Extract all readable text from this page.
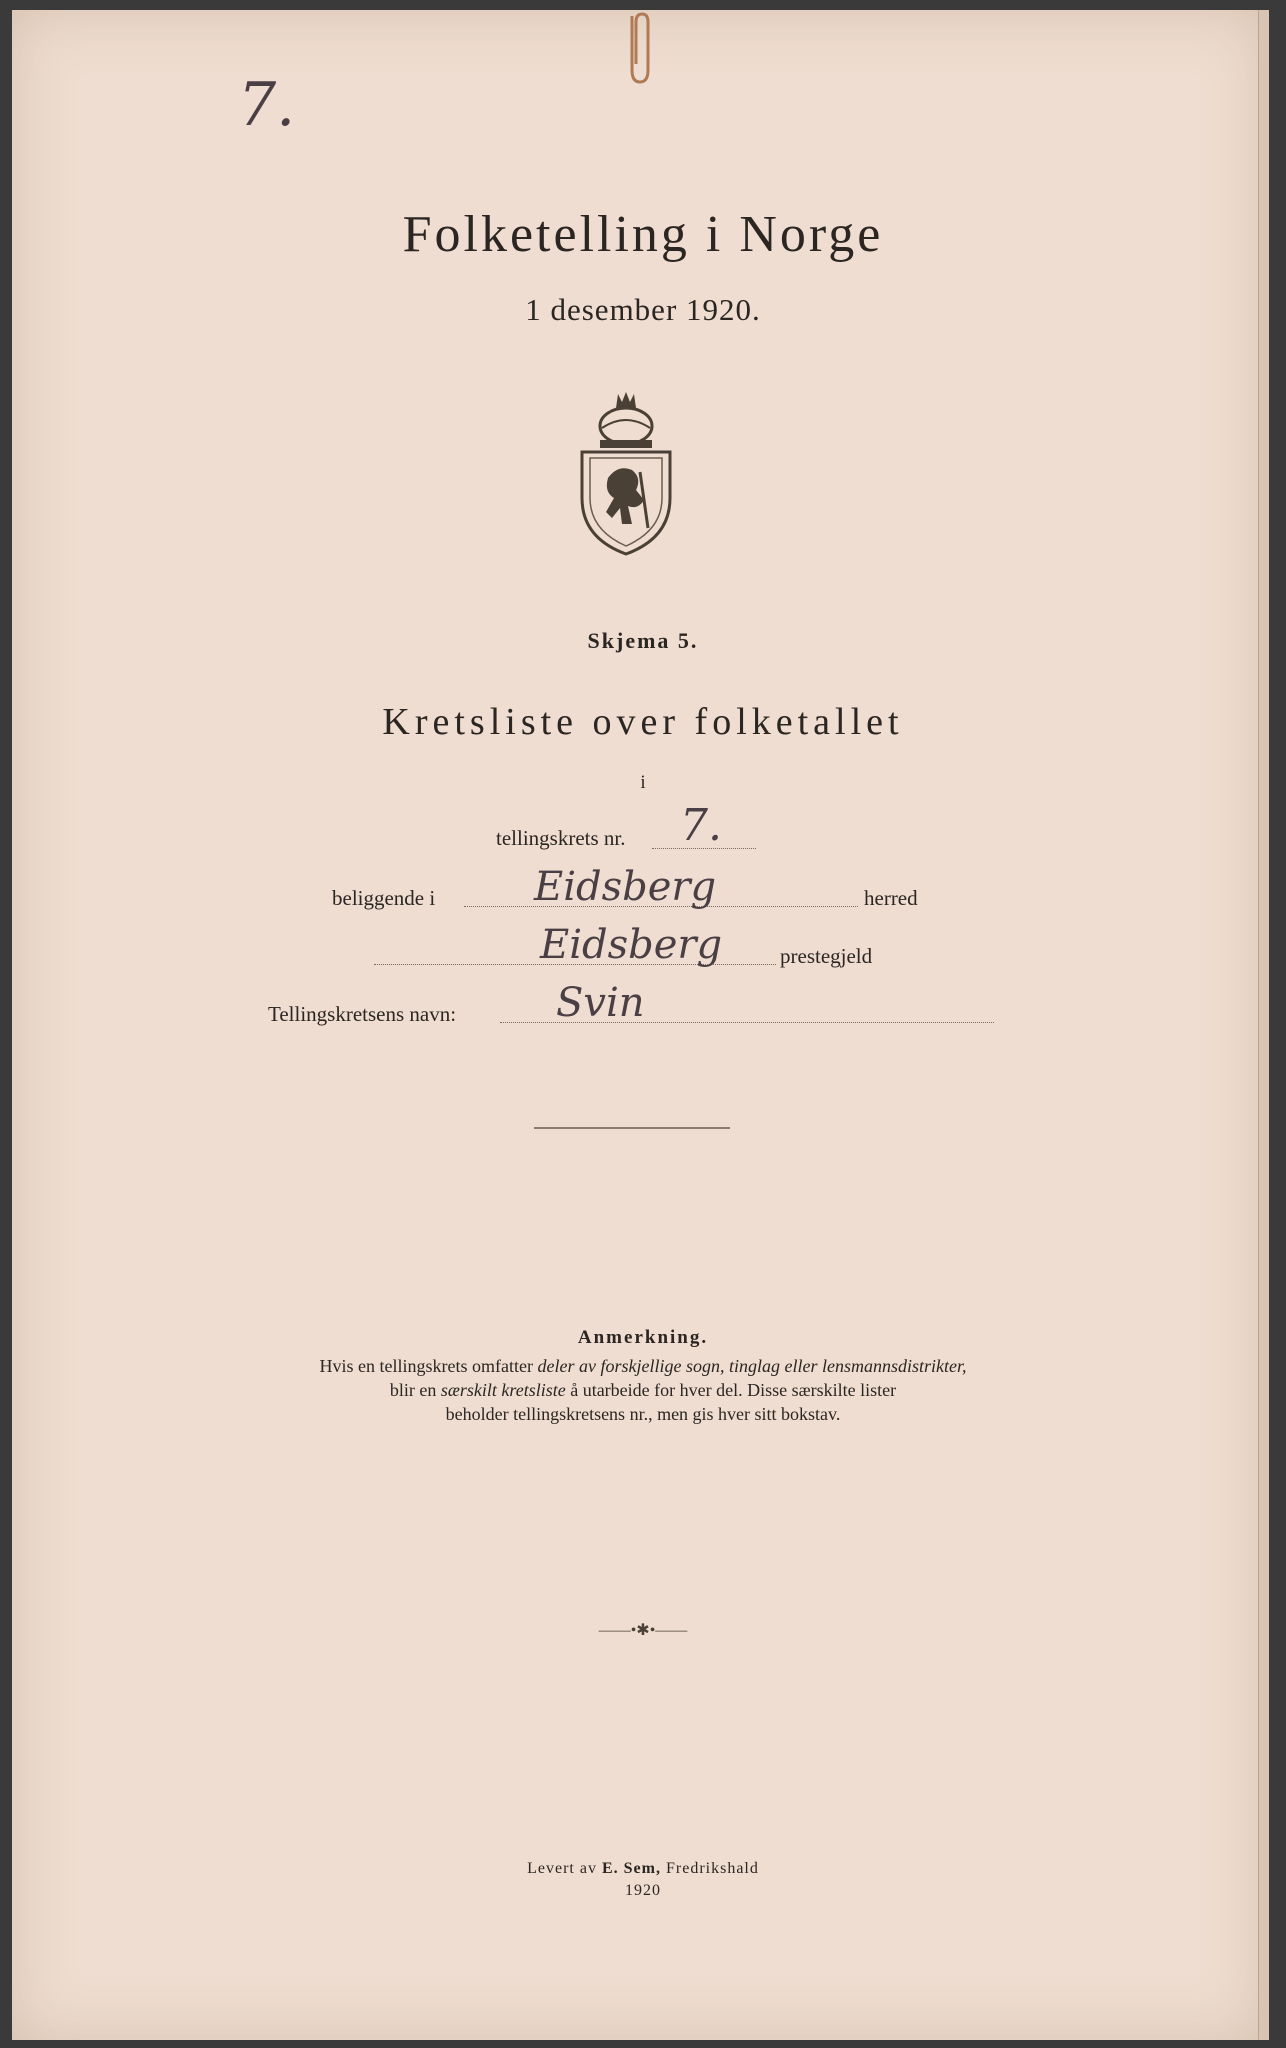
7.
Folketelling i Norge
1 desember 1920.
Skjema 5.
Kretsliste over folketallet
i
tellingskrets nr. 7.
beliggende i Eidsberg	herred
Eidsberg	prestegjeld
Tellingskretsens navn: Svin
Anmerkning.
Hvis en tellingskrets omfatter deler av forskjellige sogn, tinglag eller lensmannsdistrikter,
blir en særskilt kretsliste å utarbeide for hver del. Disse særskilte lister
beholder tellingskretsens nr., men gis hver sitt bokstav.
——•✱•——
Levert av E. Sem, Fredrikshald
1920
